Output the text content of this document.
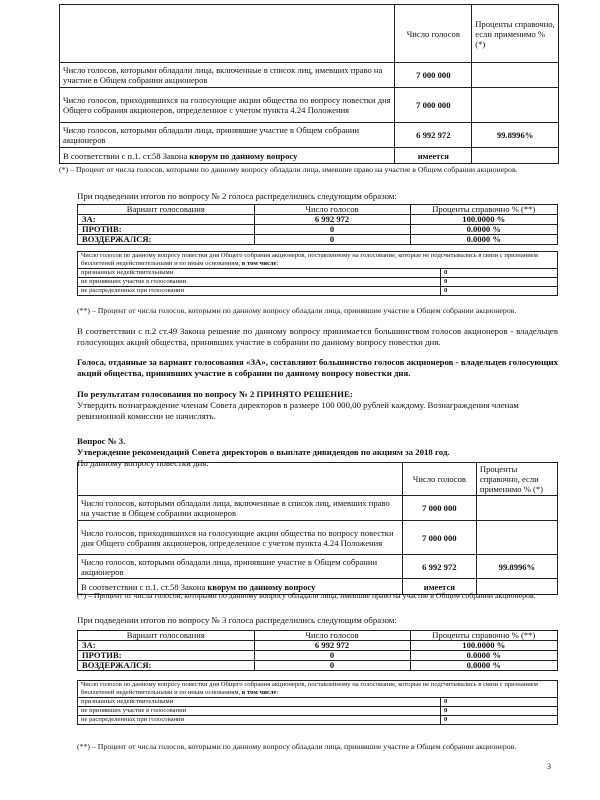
	Число голосов	Проценты справочно, если применимо % (*)
Число голосов, которыми обладали лица, включенные в список лиц, имевших право на участие в Общем собрании акционеров	7 000 000	
Число голосов, приходившихся на голосующие акции общества по вопросу повестки дня Общего собрания акционеров, определенное с учетом пункта 4.24 Положения	7 000 000	
Число голосов, которыми обладали лица, принявшие участие в Общем собрании акционеров	6 992 972	99.8996%
В соответствии с п.1. ст.58 Закона кворум по данному вопросу	имеется	

(*) – Процент от числа голосов, которыми по данному вопросу обладали лица, имевшие право на участие в Общем собрании акционеров.

При подведении итогов по вопросу № 2 голоса распределились следующим образом:

Вариант голосования	Число голосов	Проценты справочно % (**)
ЗА:	6 992 972	100.0000 %
ПРОТИВ:	0	0.0000 %
ВОЗДЕРЖАЛСЯ:	0	0.0000 %
Число голосов по данному вопросу повестки дня Общего собрания акционеров, поставленному на голосование, которые не подсчитывались в связи с признанием бюллетеней недействительными и по иным основаниям, в том числе:	
признанных недействительными	0
не принявших участие в голосовании	0
не распределенных при голосовании	0

(**) – Процент от числа голосов, которыми по данному вопросу обладали лица, принявшие участие в Общем собрании акционеров.

В соответствии с п.2 ст.49 Закона решение по данному вопросу принимается большинством голосов акционеров - владельцев голосующих акций общества, принявших участие в собрании по данному вопросу повестки дня.

Голоса, отданные за вариант голосования «ЗА», составляют большинство голосов акционеров - владельцев голосующих акций общества, принявших участие в собрании по данному вопросу повестки дня.

По результатам голосования по вопросу № 2 ПРИНЯТО РЕШЕНИЕ:

Утвердить вознаграждение членам Совета директоров в размере 100 000,00 рублей каждому. Вознаграждения членам ревизионной комиссии не начислять.

Вопрос № 3.

Утверждение рекомендаций Совета директоров о выплате дивидендов по акциям за 2018 год.

По данному вопросу повестки дня:

	Число голосов	Проценты справочно, если применимо % (*)
Число голосов, которыми обладали лица, включенные в список лиц, имевших право на участие в Общем собрании акционеров	7 000 000	
Число голосов, приходившихся на голосующие акции общества по вопросу повестки дня Общего собрания акционеров, определенное с учетом пункта 4.24 Положения	7 000 000	
Число голосов, которыми обладали лица, принявшие участие в Общем собрании акционеров	6 992 972	99.8996%
В соответствии с п.1. ст.58 Закона кворум по данному вопросу	имеется	

(*) – Процент от числа голосов, которыми по данному вопросу обладали лица, имевшие право на участие в Общем собрании акционеров.

При подведении итогов по вопросу № 3 голоса распределились следующим образом:

Вариант голосования	Число голосов	Проценты справочно % (**)
ЗА:	6 992 972	100.0000 %
ПРОТИВ:	0	0.0000 %
ВОЗДЕРЖАЛСЯ:	0	0.0000 %
Число голосов по данному вопросу повестки дня Общего собрания акционеров, поставленному на голосование, которые не подсчитывались в связи с признанием бюллетеней недействительными и по иным основаниям, в том числе:	
признанных недействительными	0
не принявших участие в голосовании	0
не распределенных при голосовании	0

(**) – Процент от числа голосов, которыми по данному вопросу обладали лица, принявшие участие в Общем собрании акционеров.

3
